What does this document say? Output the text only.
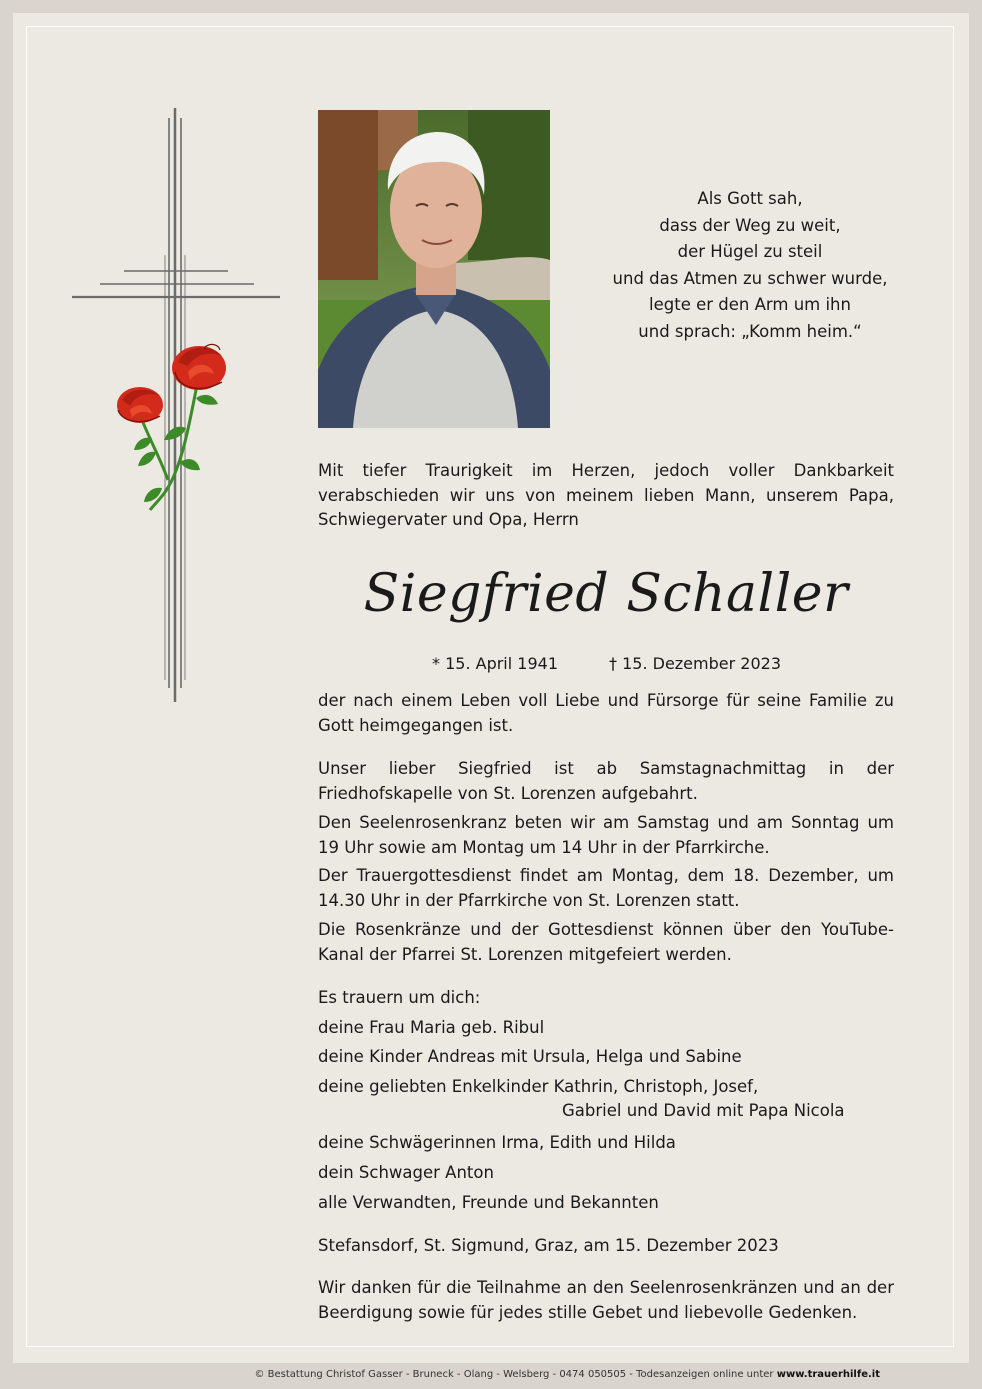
Als Gott sah,
dass der Weg zu weit,
der Hügel zu steil
und das Atmen zu schwer wurde,
legte er den Arm um ihn
und sprach: „Komm heim.“
Mit tiefer Traurigkeit im Herzen, jedoch voller Dankbarkeit verabschieden wir uns von meinem lieben Mann, unserem Papa, Schwiegervater und Opa, Herrn
Siegfried Schaller
* 15. April 1941	† 15. Dezember 2023
der nach einem Leben voll Liebe und Fürsorge für seine Familie zu Gott heimgegangen ist.
Unser lieber Siegfried ist ab Samstagnachmittag in der Friedhofskapelle von St. Lorenzen aufgebahrt.
Den Seelenrosenkranz beten wir am Samstag und am Sonntag um 19 Uhr sowie am Montag um 14 Uhr in der Pfarrkirche.
Der Trauergottesdienst findet am Montag, dem 18. Dezember, um 14.30 Uhr in der Pfarrkirche von St. Lorenzen statt.
Die Rosenkränze und der Gottesdienst können über den YouTube-Kanal der Pfarrei St. Lorenzen mitgefeiert werden.
Es trauern um dich:
deine Frau Maria geb. Ribul
deine Kinder Andreas mit Ursula, Helga und Sabine
deine geliebten Enkelkinder Kathrin, Christoph, Josef,
Gabriel und David mit Papa Nicola
deine Schwägerinnen Irma, Edith und Hilda
dein Schwager Anton
alle Verwandten, Freunde und Bekannten
Stefansdorf, St. Sigmund, Graz, am 15. Dezember 2023
Wir danken für die Teilnahme an den Seelenrosenkränzen und an der Beerdigung sowie für jedes stille Gebet und liebevolle Gedenken.
© Bestattung Christof Gasser - Bruneck - Olang - Welsberg - 0474 050505 - Todesanzeigen online unter www.trauerhilfe.it
